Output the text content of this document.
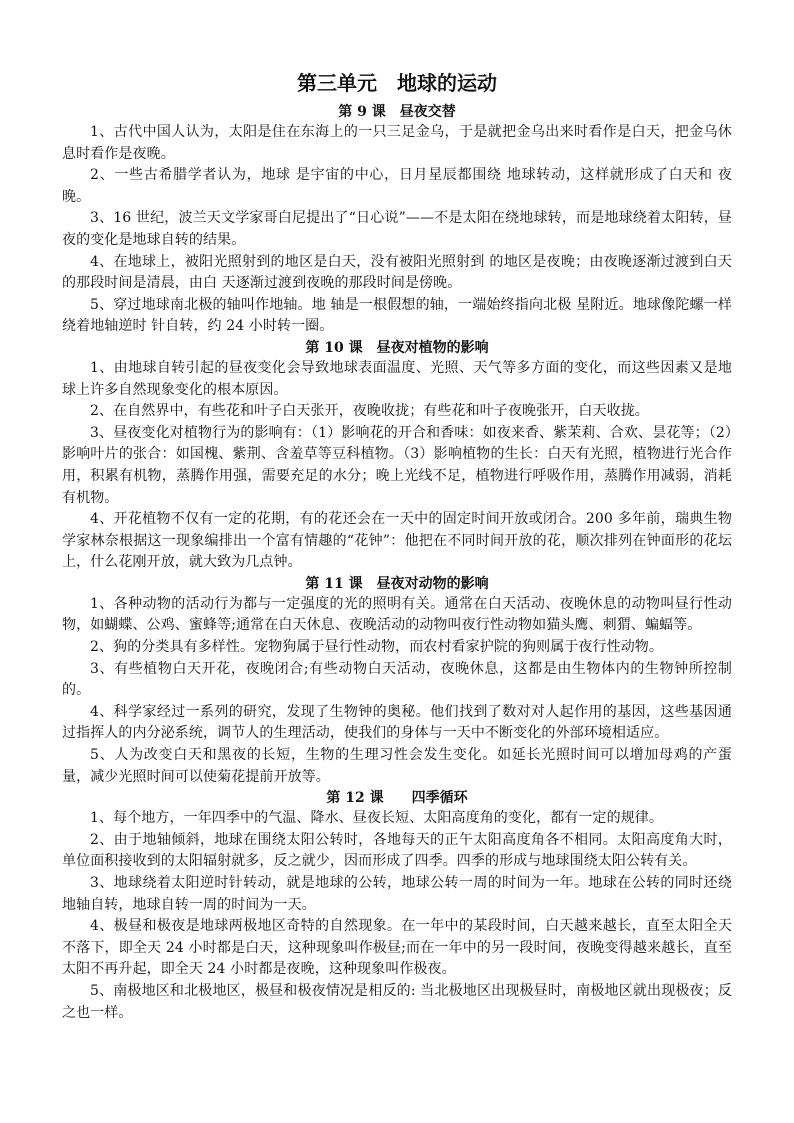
第三单元　地球的运动
第 9 课　昼夜交替

1、古代中国人认为，太阳是住在东海上的一只三足金乌，于是就把金乌出来时看作是白天，把金乌休息时看作是夜晚。

2、一些古希腊学者认为，地球 是宇宙的中心，日月星辰都围绕 地球转动，这样就形成了白天和 夜晚。

3、16 世纪，波兰天文学家哥白尼提出了“日心说”——不是太阳在绕地球转，而是地球绕着太阳转，昼夜的变化是地球自转的结果。

4、在地球上，被阳光照射到的地区是白天，没有被阳光照射到 的地区是夜晚；由夜晚逐渐过渡到白天的那段时间是清晨，由白 天逐渐过渡到夜晚的那段时间是傍晚。

5、穿过地球南北极的轴叫作地轴。地 轴是一根假想的轴，一端始终指向北极 星附近。地球像陀螺一样绕着地轴逆时 针自转，约 24 小时转一圈。

第 10 课　昼夜对植物的影响

1、由地球自转引起的昼夜变化会导致地球表面温度、光照、天气等多方面的变化，而这些因素又是地球上许多自然现象变化的根本原因。

2、在自然界中，有些花和叶子白天张开，夜晚收拢；有些花和叶子夜晚张开，白天收拢。

3、昼夜变化对植物行为的影响有：（1）影响花的开合和香味：如夜来香、紫茉莉、合欢、昙花等；（2）影响叶片的张合：如国槐、紫荆、含羞草等豆科植物。（3）影响植物的生长：白天有光照，植物进行光合作用，积累有机物，蒸腾作用强，需要充足的水分；晚上光线不足，植物进行呼吸作用，蒸腾作用减弱，消耗有机物。

4、开花植物不仅有一定的花期，有的花还会在一天中的固定时间开放或闭合。200 多年前，瑞典生物学家林奈根据这一现象编排出一个富有情趣的“花钟”：他把在不同时间开放的花，顺次排列在钟面形的花坛上，什么花刚开放，就大致为几点钟。

第 11 课　昼夜对动物的影响

1、各种动物的活动行为都与一定强度的光的照明有关。通常在白天活动、夜晚休息的动物叫昼行性动物，如蝴蝶、公鸡、蜜蜂等;通常在白天休息、夜晚活动的动物叫夜行性动物如猫头鹰、刺猬、蝙蝠等。

2、狗的分类具有多样性。宠物狗属于昼行性动物，而农村看家护院的狗则属于夜行性动物。

3、有些植物白天开花，夜晚闭合;有些动物白天活动，夜晚休息，这都是由生物体内的生物钟所控制的。

4、科学家经过一系列的研究，发现了生物钟的奥秘。他们找到了数对对人起作用的基因，这些基因通过指挥人的内分泌系统，调节人的生理活动，使我们的身体与一天中不断变化的外部环境相适应。

5、人为改变白天和黑夜的长短，生物的生理习性会发生变化。如延长光照时间可以增加母鸡的产蛋量，减少光照时间可以使菊花提前开放等。

第 12 课　　四季循环

1、每个地方，一年四季中的气温、降水、昼夜长短、太阳高度角的变化，都有一定的规律。

2、由于地轴倾斜，地球在围绕太阳公转时，各地每天的正午太阳高度角各不相同。太阳高度角大时，单位面积接收到的太阳辐射就多，反之就少，因而形成了四季。四季的形成与地球围绕太阳公转有关。

3、地球绕着太阳逆时针转动，就是地球的公转，地球公转一周的时间为一年。地球在公转的同时还绕地轴自转，地球自转一周的时间为一天。

4、极昼和极夜是地球两极地区奇特的自然现象。在一年中的某段时间，白天越来越长，直至太阳全天不落下，即全天 24 小时都是白天，这种现象叫作极昼;而在一年中的另一段时间，夜晚变得越来越长，直至太阳不再升起，即全天 24 小时都是夜晚，这种现象叫作极夜。

5、南极地区和北极地区，极昼和极夜情况是相反的: 当北极地区出现极昼时，南极地区就出现极夜；反之也一样。
